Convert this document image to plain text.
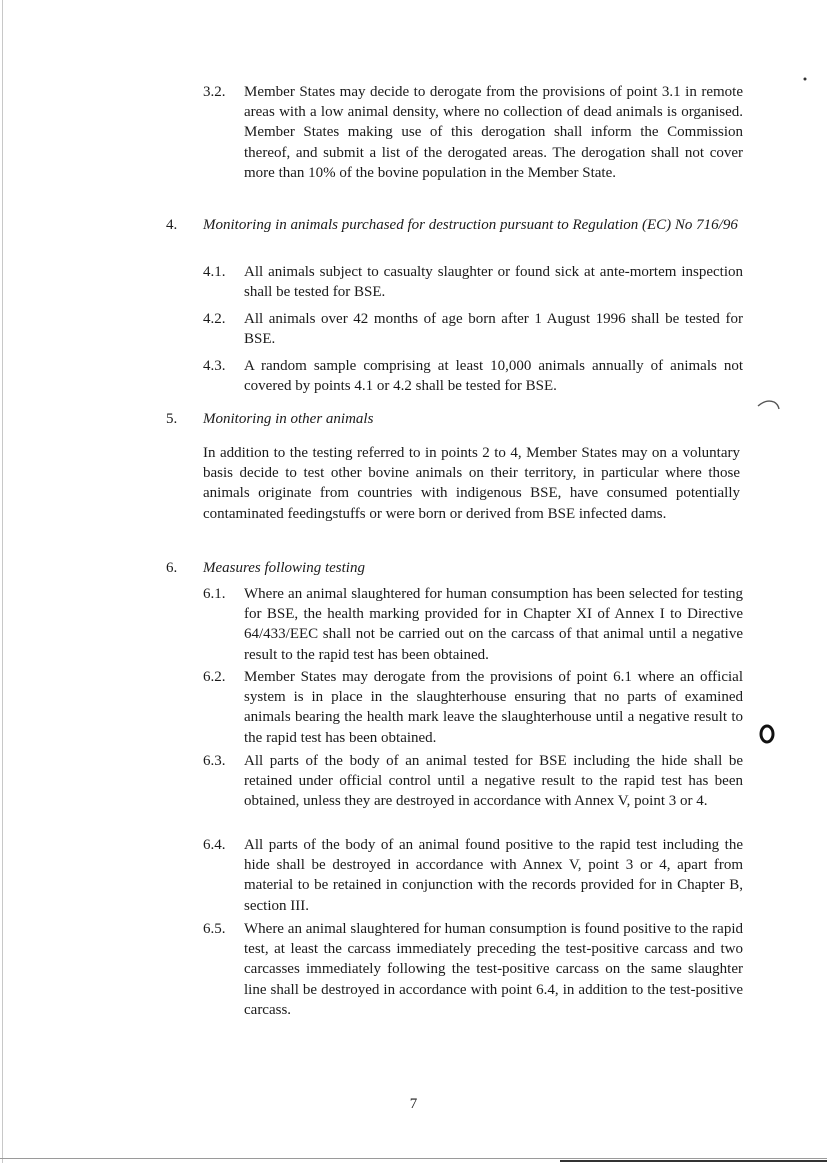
3.2. Member States may decide to derogate from the provisions of point 3.1 in remote areas with a low animal density, where no collection of dead animals is organised. Member States making use of this derogation shall inform the Commission thereof, and submit a list of the derogated areas. The derogation shall not cover more than 10% of the bovine population in the Member State.
4. Monitoring in animals purchased for destruction pursuant to Regulation (EC) No 716/96
4.1. All animals subject to casualty slaughter or found sick at ante-mortem inspection shall be tested for BSE.
4.2. All animals over 42 months of age born after 1 August 1996 shall be tested for BSE.
4.3. A random sample comprising at least 10,000 animals annually of animals not covered by points 4.1 or 4.2 shall be tested for BSE.
5. Monitoring in other animals
In addition to the testing referred to in points 2 to 4, Member States may on a voluntary basis decide to test other bovine animals on their territory, in particular where those animals originate from countries with indigenous BSE, have consumed potentially contaminated feedingstuffs or were born or derived from BSE infected dams.
6. Measures following testing
6.1. Where an animal slaughtered for human consumption has been selected for testing for BSE, the health marking provided for in Chapter XI of Annex I to Directive 64/433/EEC shall not be carried out on the carcass of that animal until a negative result to the rapid test has been obtained.
6.2. Member States may derogate from the provisions of point 6.1 where an official system is in place in the slaughterhouse ensuring that no parts of examined animals bearing the health mark leave the slaughterhouse until a negative result to the rapid test has been obtained.
6.3. All parts of the body of an animal tested for BSE including the hide shall be retained under official control until a negative result to the rapid test has been obtained, unless they are destroyed in accordance with Annex V, point 3 or 4.
6.4. All parts of the body of an animal found positive to the rapid test including the hide shall be destroyed in accordance with Annex V, point 3 or 4, apart from material to be retained in conjunction with the records provided for in Chapter B, section III.
6.5. Where an animal slaughtered for human consumption is found positive to the rapid test, at least the carcass immediately preceding the test-positive carcass and two carcasses immediately following the test-positive carcass on the same slaughter line shall be destroyed in accordance with point 6.4, in addition to the test-positive carcass.
7
